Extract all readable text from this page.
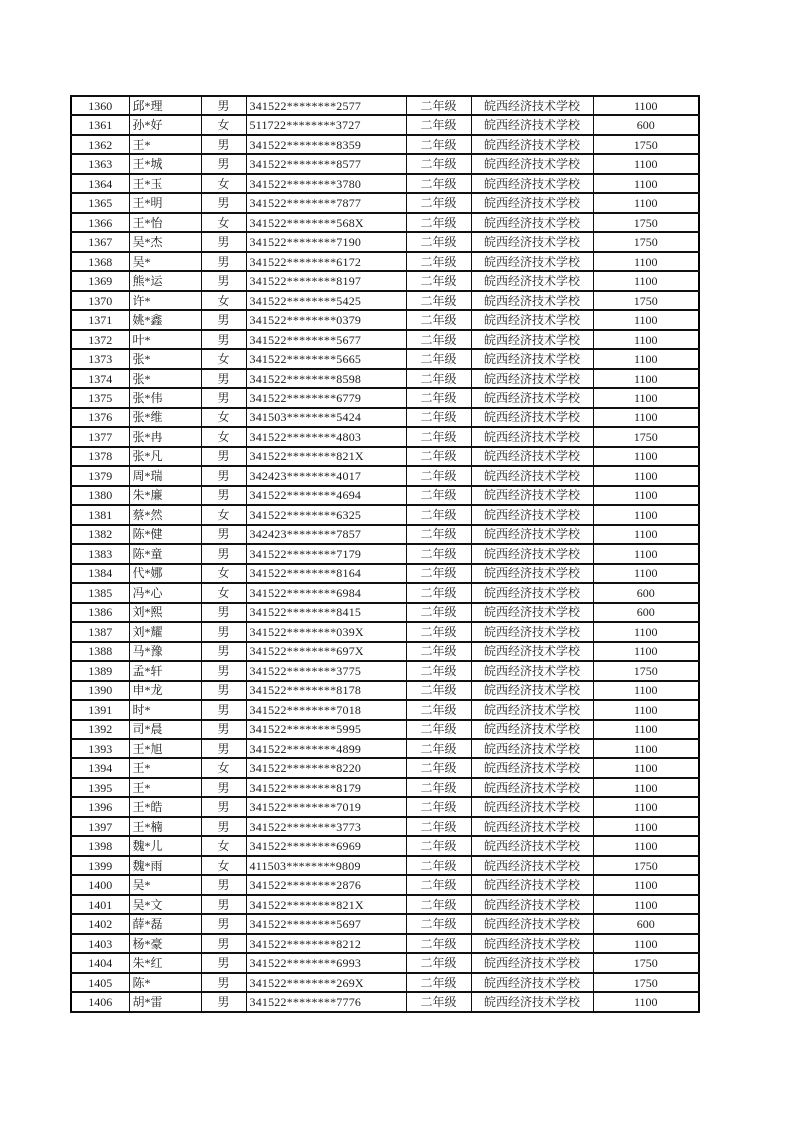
1360	邱*理	男	341522********2577	二年级	皖西经济技术学校	1100
1361	孙*好	女	511722********3727	二年级	皖西经济技术学校	600
1362	王*	男	341522********8359	二年级	皖西经济技术学校	1750
1363	王*城	男	341522********8577	二年级	皖西经济技术学校	1100
1364	王*玉	女	341522********3780	二年级	皖西经济技术学校	1100
1365	王*明	男	341522********7877	二年级	皖西经济技术学校	1100
1366	王*怡	女	341522********568X	二年级	皖西经济技术学校	1750
1367	吴*杰	男	341522********7190	二年级	皖西经济技术学校	1750
1368	吴*	男	341522********6172	二年级	皖西经济技术学校	1100
1369	熊*运	男	341522********8197	二年级	皖西经济技术学校	1100
1370	许*	女	341522********5425	二年级	皖西经济技术学校	1750
1371	姚*鑫	男	341522********0379	二年级	皖西经济技术学校	1100
1372	叶*	男	341522********5677	二年级	皖西经济技术学校	1100
1373	张*	女	341522********5665	二年级	皖西经济技术学校	1100
1374	张*	男	341522********8598	二年级	皖西经济技术学校	1100
1375	张*伟	男	341522********6779	二年级	皖西经济技术学校	1100
1376	张*维	女	341503********5424	二年级	皖西经济技术学校	1100
1377	张*冉	女	341522********4803	二年级	皖西经济技术学校	1750
1378	张*凡	男	341522********821X	二年级	皖西经济技术学校	1100
1379	周*瑞	男	342423********4017	二年级	皖西经济技术学校	1100
1380	朱*廉	男	341522********4694	二年级	皖西经济技术学校	1100
1381	蔡*然	女	341522********6325	二年级	皖西经济技术学校	1100
1382	陈*健	男	342423********7857	二年级	皖西经济技术学校	1100
1383	陈*童	男	341522********7179	二年级	皖西经济技术学校	1100
1384	代*娜	女	341522********8164	二年级	皖西经济技术学校	1100
1385	冯*心	女	341522********6984	二年级	皖西经济技术学校	600
1386	刘*熙	男	341522********8415	二年级	皖西经济技术学校	600
1387	刘*耀	男	341522********039X	二年级	皖西经济技术学校	1100
1388	马*豫	男	341522********697X	二年级	皖西经济技术学校	1100
1389	孟*轩	男	341522********3775	二年级	皖西经济技术学校	1750
1390	申*龙	男	341522********8178	二年级	皖西经济技术学校	1100
1391	时*	男	341522********7018	二年级	皖西经济技术学校	1100
1392	司*晨	男	341522********5995	二年级	皖西经济技术学校	1100
1393	王*旭	男	341522********4899	二年级	皖西经济技术学校	1100
1394	王*	女	341522********8220	二年级	皖西经济技术学校	1100
1395	王*	男	341522********8179	二年级	皖西经济技术学校	1100
1396	王*皓	男	341522********7019	二年级	皖西经济技术学校	1100
1397	王*楠	男	341522********3773	二年级	皖西经济技术学校	1100
1398	魏*儿	女	341522********6969	二年级	皖西经济技术学校	1100
1399	魏*雨	女	411503********9809	二年级	皖西经济技术学校	1750
1400	吴*	男	341522********2876	二年级	皖西经济技术学校	1100
1401	吴*文	男	341522********821X	二年级	皖西经济技术学校	1100
1402	薛*磊	男	341522********5697	二年级	皖西经济技术学校	600
1403	杨*豪	男	341522********8212	二年级	皖西经济技术学校	1100
1404	朱*红	男	341522********6993	二年级	皖西经济技术学校	1750
1405	陈*	男	341522********269X	二年级	皖西经济技术学校	1750
1406	胡*雷	男	341522********7776	二年级	皖西经济技术学校	1100
